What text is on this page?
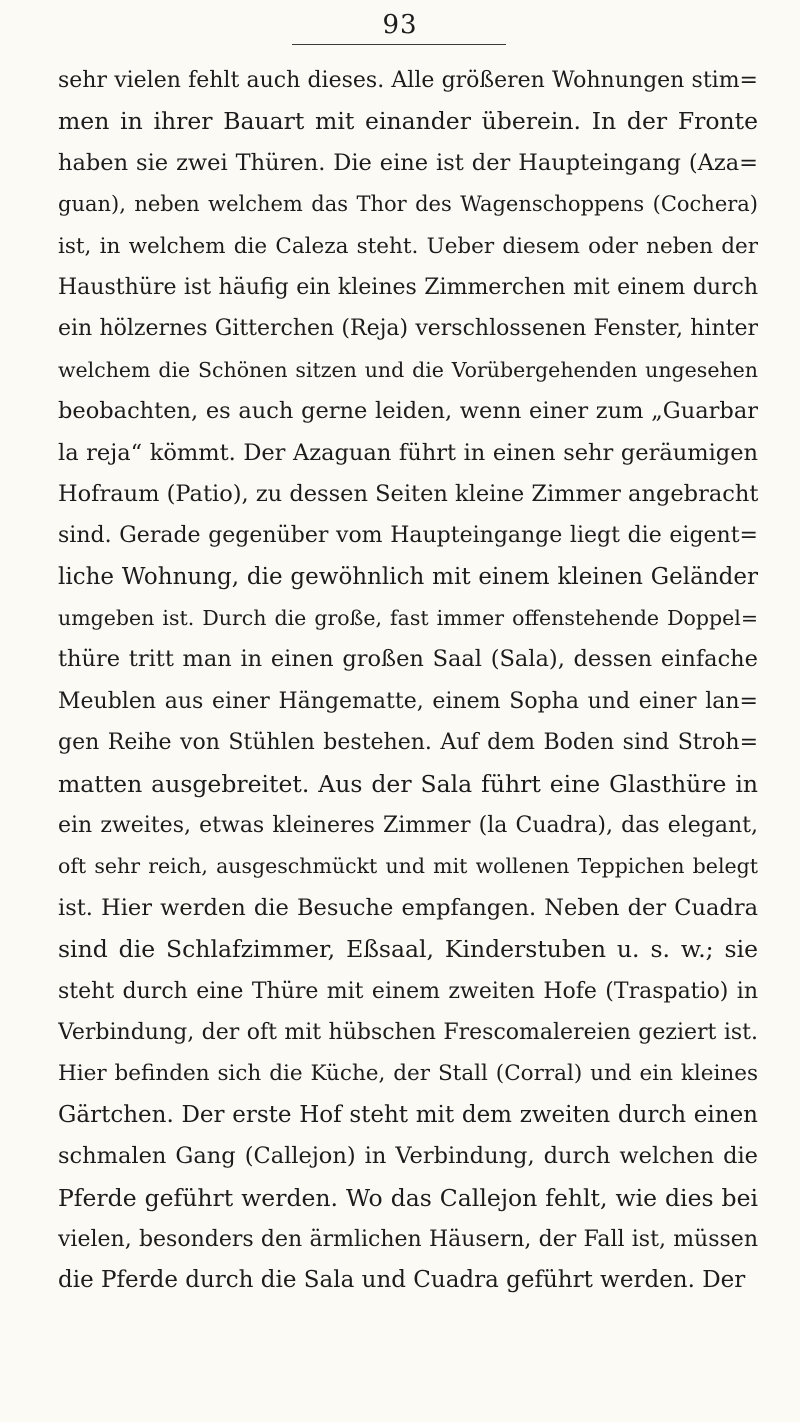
93
sehr vielen fehlt auch dieses. Alle größeren Wohnungen stim=
men in ihrer Bauart mit einander überein. In der Fronte
haben sie zwei Thüren. Die eine ist der Haupteingang (Aza=
guan), neben welchem das Thor des Wagenschoppens (Cochera)
ist, in welchem die Caleza steht. Ueber diesem oder neben der
Hausthüre ist häufig ein kleines Zimmerchen mit einem durch
ein hölzernes Gitterchen (Reja) verschlossenen Fenster, hinter
welchem die Schönen sitzen und die Vorübergehenden ungesehen
beobachten, es auch gerne leiden, wenn einer zum „Guarbar
la reja“ kömmt. Der Azaguan führt in einen sehr geräumigen
Hofraum (Patio), zu dessen Seiten kleine Zimmer angebracht
sind. Gerade gegenüber vom Haupteingange liegt die eigent=
liche Wohnung, die gewöhnlich mit einem kleinen Geländer
umgeben ist. Durch die große, fast immer offenstehende Doppel=
thüre tritt man in einen großen Saal (Sala), dessen einfache
Meublen aus einer Hängematte, einem Sopha und einer lan=
gen Reihe von Stühlen bestehen. Auf dem Boden sind Stroh=
matten ausgebreitet. Aus der Sala führt eine Glasthüre in
ein zweites, etwas kleineres Zimmer (la Cuadra), das elegant,
oft sehr reich, ausgeschmückt und mit wollenen Teppichen belegt
ist. Hier werden die Besuche empfangen. Neben der Cuadra
sind die Schlafzimmer, Eßsaal, Kinderstuben u. s. w.; sie
steht durch eine Thüre mit einem zweiten Hofe (Traspatio) in
Verbindung, der oft mit hübschen Frescomalereien geziert ist.
Hier befinden sich die Küche, der Stall (Corral) und ein kleines
Gärtchen. Der erste Hof steht mit dem zweiten durch einen
schmalen Gang (Callejon) in Verbindung, durch welchen die
Pferde geführt werden. Wo das Callejon fehlt, wie dies bei
vielen, besonders den ärmlichen Häusern, der Fall ist, müssen
die Pferde durch die Sala und Cuadra geführt werden. Der
